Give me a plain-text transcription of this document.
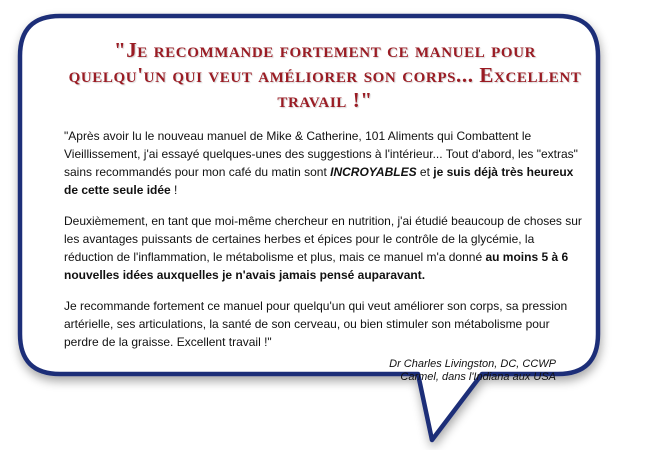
"Je recommande fortement ce manuel pour quelqu'un qui veut améliorer son corps... Excellent travail !"

"Après avoir lu le nouveau manuel de Mike & Catherine, 101 Aliments qui Combattent le Vieillissement, j'ai essayé quelques-unes des suggestions à l'intérieur... Tout d'abord, les "extras" sains recommandés pour mon café du matin sont INCROYABLES et je suis déjà très heureux de cette seule idée !

Deuxièmement, en tant que moi-même chercheur en nutrition, j'ai étudié beaucoup de choses sur les avantages puissants de certaines herbes et épices pour le contrôle de la glycémie, la réduction de l'inflammation, le métabolisme et plus, mais ce manuel m'a donné au moins 5 à 6 nouvelles idées auxquelles je n'avais jamais pensé auparavant.

Je recommande fortement ce manuel pour quelqu'un qui veut améliorer son corps, sa pression artérielle, ses articulations, la santé de son cerveau, ou bien stimuler son métabolisme pour perdre de la graisse. Excellent travail !"

Dr Charles Livingston, DC, CCWP
Carmel, dans l'Indiana aux USA
